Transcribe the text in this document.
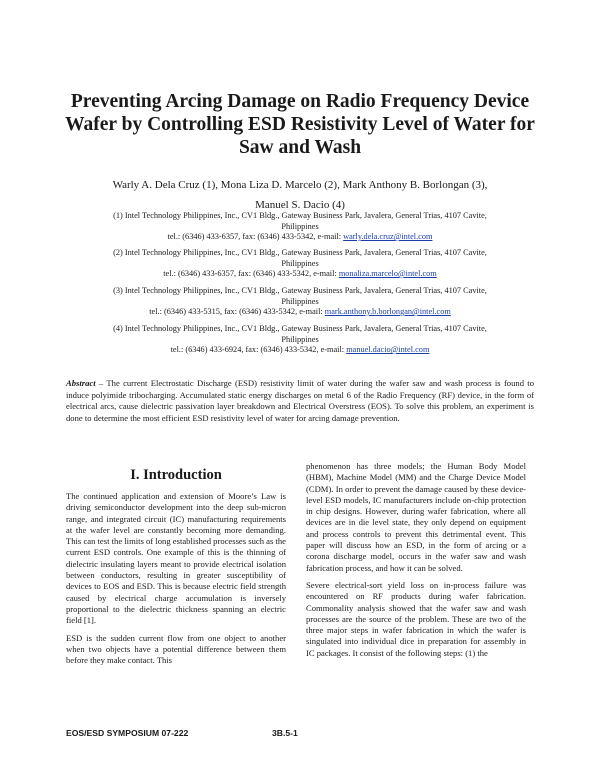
Preventing Arcing Damage on Radio Frequency Device
Wafer by Controlling ESD Resistivity Level of Water for
Saw and Wash
Warly A. Dela Cruz (1), Mona Liza D. Marcelo (2), Mark Anthony B. Borlongan (3),
Manuel S. Dacio (4)
(1) Intel Technology Philippines, Inc., CV1 Bldg., Gateway Business Park, Javalera, General Trias, 4107 Cavite,
Philippines
tel.: (6346) 433-6357, fax: (6346) 433-5342, e-mail: warly.dela.cruz@intel.com
(2) Intel Technology Philippines, Inc., CV1 Bldg., Gateway Business Park, Javalera, General Trias, 4107 Cavite,
Philippines
tel.: (6346) 433-6357, fax: (6346) 433-5342, e-mail: monaliza.marcelo@intel.com
(3) Intel Technology Philippines, Inc., CV1 Bldg., Gateway Business Park, Javalera, General Trias, 4107 Cavite,
Philippines
tel.: (6346) 433-5315, fax: (6346) 433-5342, e-mail: mark.anthony.b.borlongan@intel.com
(4) Intel Technology Philippines, Inc., CV1 Bldg., Gateway Business Park, Javalera, General Trias, 4107 Cavite,
Philippines
tel.: (6346) 433-6924, fax: (6346) 433-5342, e-mail: manuel.dacio@intel.com
Abstract – The current Electrostatic Discharge (ESD) resistivity limit of water during the wafer saw and wash process is found to induce polyimide tribocharging. Accumulated static energy discharges on metal 6 of the Radio Frequency (RF) device, in the form of electrical arcs, cause dielectric passivation layer breakdown and Electrical Overstress (EOS). To solve this problem, an experiment is done to determine the most efficient ESD resistivity level of water for arcing damage prevention.
I. Introduction

The continued application and extension of Moore’s Law is driving semiconductor development into the deep sub-micron range, and integrated circuit (IC) manufacturing requirements at the wafer level are constantly becoming more demanding. This can test the limits of long established processes such as the current ESD controls. One example of this is the thinning of dielectric insulating layers meant to provide electrical isolation between conductors, resulting in greater susceptibility of devices to EOS and ESD. This is because electric field strength caused by electrical charge accumulation is inversely proportional to the dielectric thickness spanning an electric field [1].

ESD is the sudden current flow from one object to another when two objects have a potential difference between them before they make contact. This

phenomenon has three models; the Human Body Model (HBM), Machine Model (MM) and the Charge Device Model (CDM). In order to prevent the damage caused by these device-level ESD models, IC manufacturers include on-chip protection in chip designs. However, during wafer fabrication, where all devices are in die level state, they only depend on equipment and process controls to prevent this detrimental event. This paper will discuss how an ESD, in the form of arcing or a corona discharge model, occurs in the wafer saw and wash fabrication process, and how it can be solved.

Severe electrical-sort yield loss on in-process failure was encountered on RF products during wafer fabrication. Commonality analysis showed that the wafer saw and wash processes are the source of the problem. These are two of the three major steps in wafer fabrication in which the wafer is singulated into individual dice in preparation for assembly in IC packages. It consist of the following steps: (1) the

EOS/ESD SYMPOSIUM 07-222	3B.5-1
